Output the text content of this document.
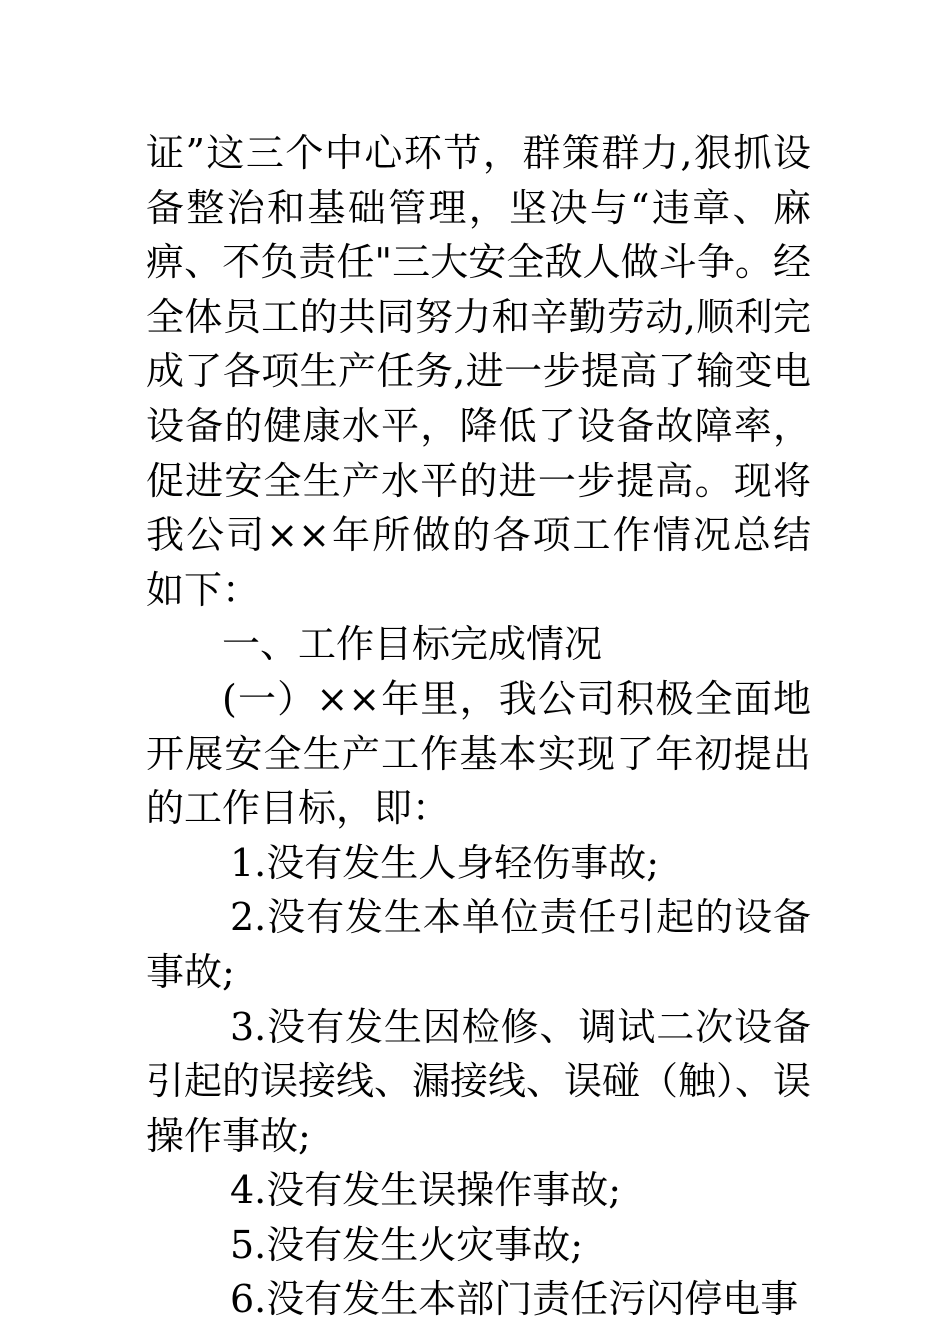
证”这三个中心环节，群策群力,狠抓设备整治和基础管理，坚决与“违章、麻痹、不负责任"三大安全敌人做斗争。经全体员工的共同努力和辛勤劳动,顺利完成了各项生产任务,进一步提高了输变电设备的健康水平，降低了设备故障率，促进安全生产水平的进一步提高。现将我公司××年所做的各项工作情况总结如下：

一、工作目标完成情况

(一）××年里，我公司积极全面地开展安全生产工作基本实现了年初提出的工作目标，即：

1.没有发生人身轻伤事故;

2.没有发生本单位责任引起的设备事故;

3.没有发生因检修、调试二次设备引起的误接线、漏接线、误碰（触）、误操作事故;

4.没有发生误操作事故;

5.没有发生火灾事故;

6.没有发生本部门责任污闪停电事
